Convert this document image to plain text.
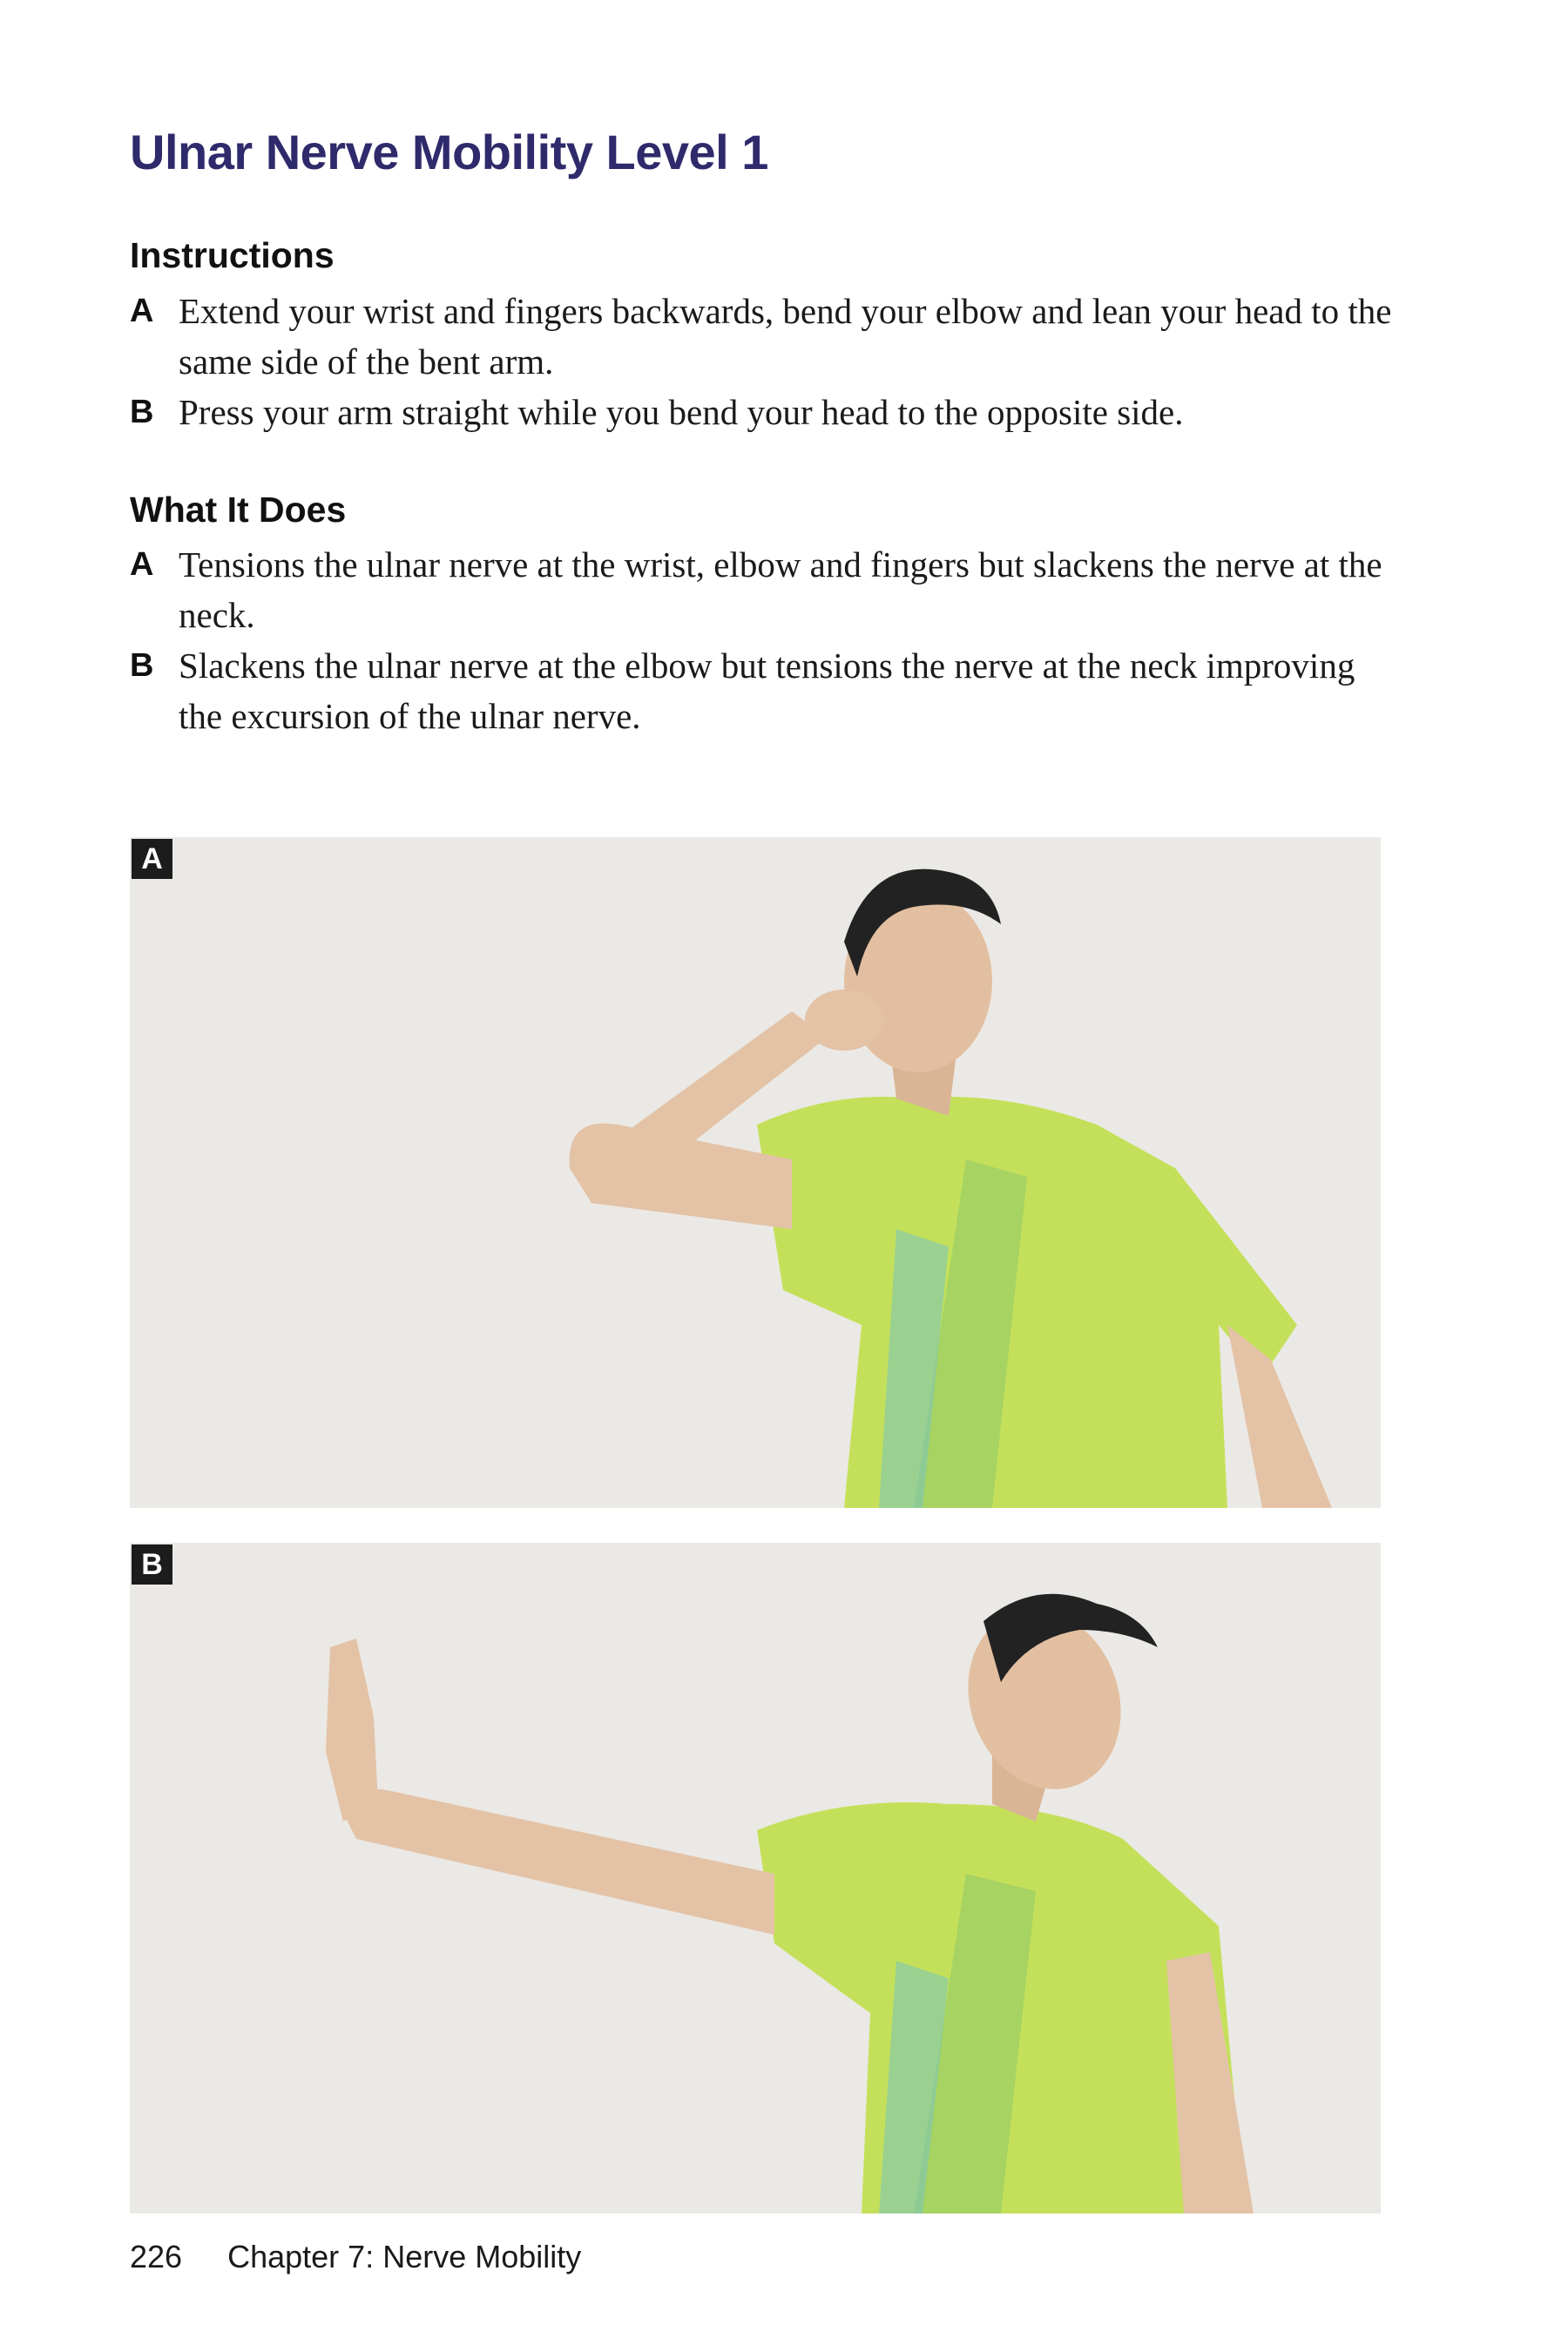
Ulnar Nerve Mobility Level 1
Instructions
A Extend your wrist and fingers backwards, bend your elbow and lean your head to the same side of the bent arm.
B Press your arm straight while you bend your head to the opposite side.
What It Does
A Tensions the ulnar nerve at the wrist, elbow and fingers but slackens the nerve at the neck.
B Slackens the ulnar nerve at the elbow but tensions the nerve at the neck improving the excursion of the ulnar nerve.
A
B
226 Chapter 7: Nerve Mobility
